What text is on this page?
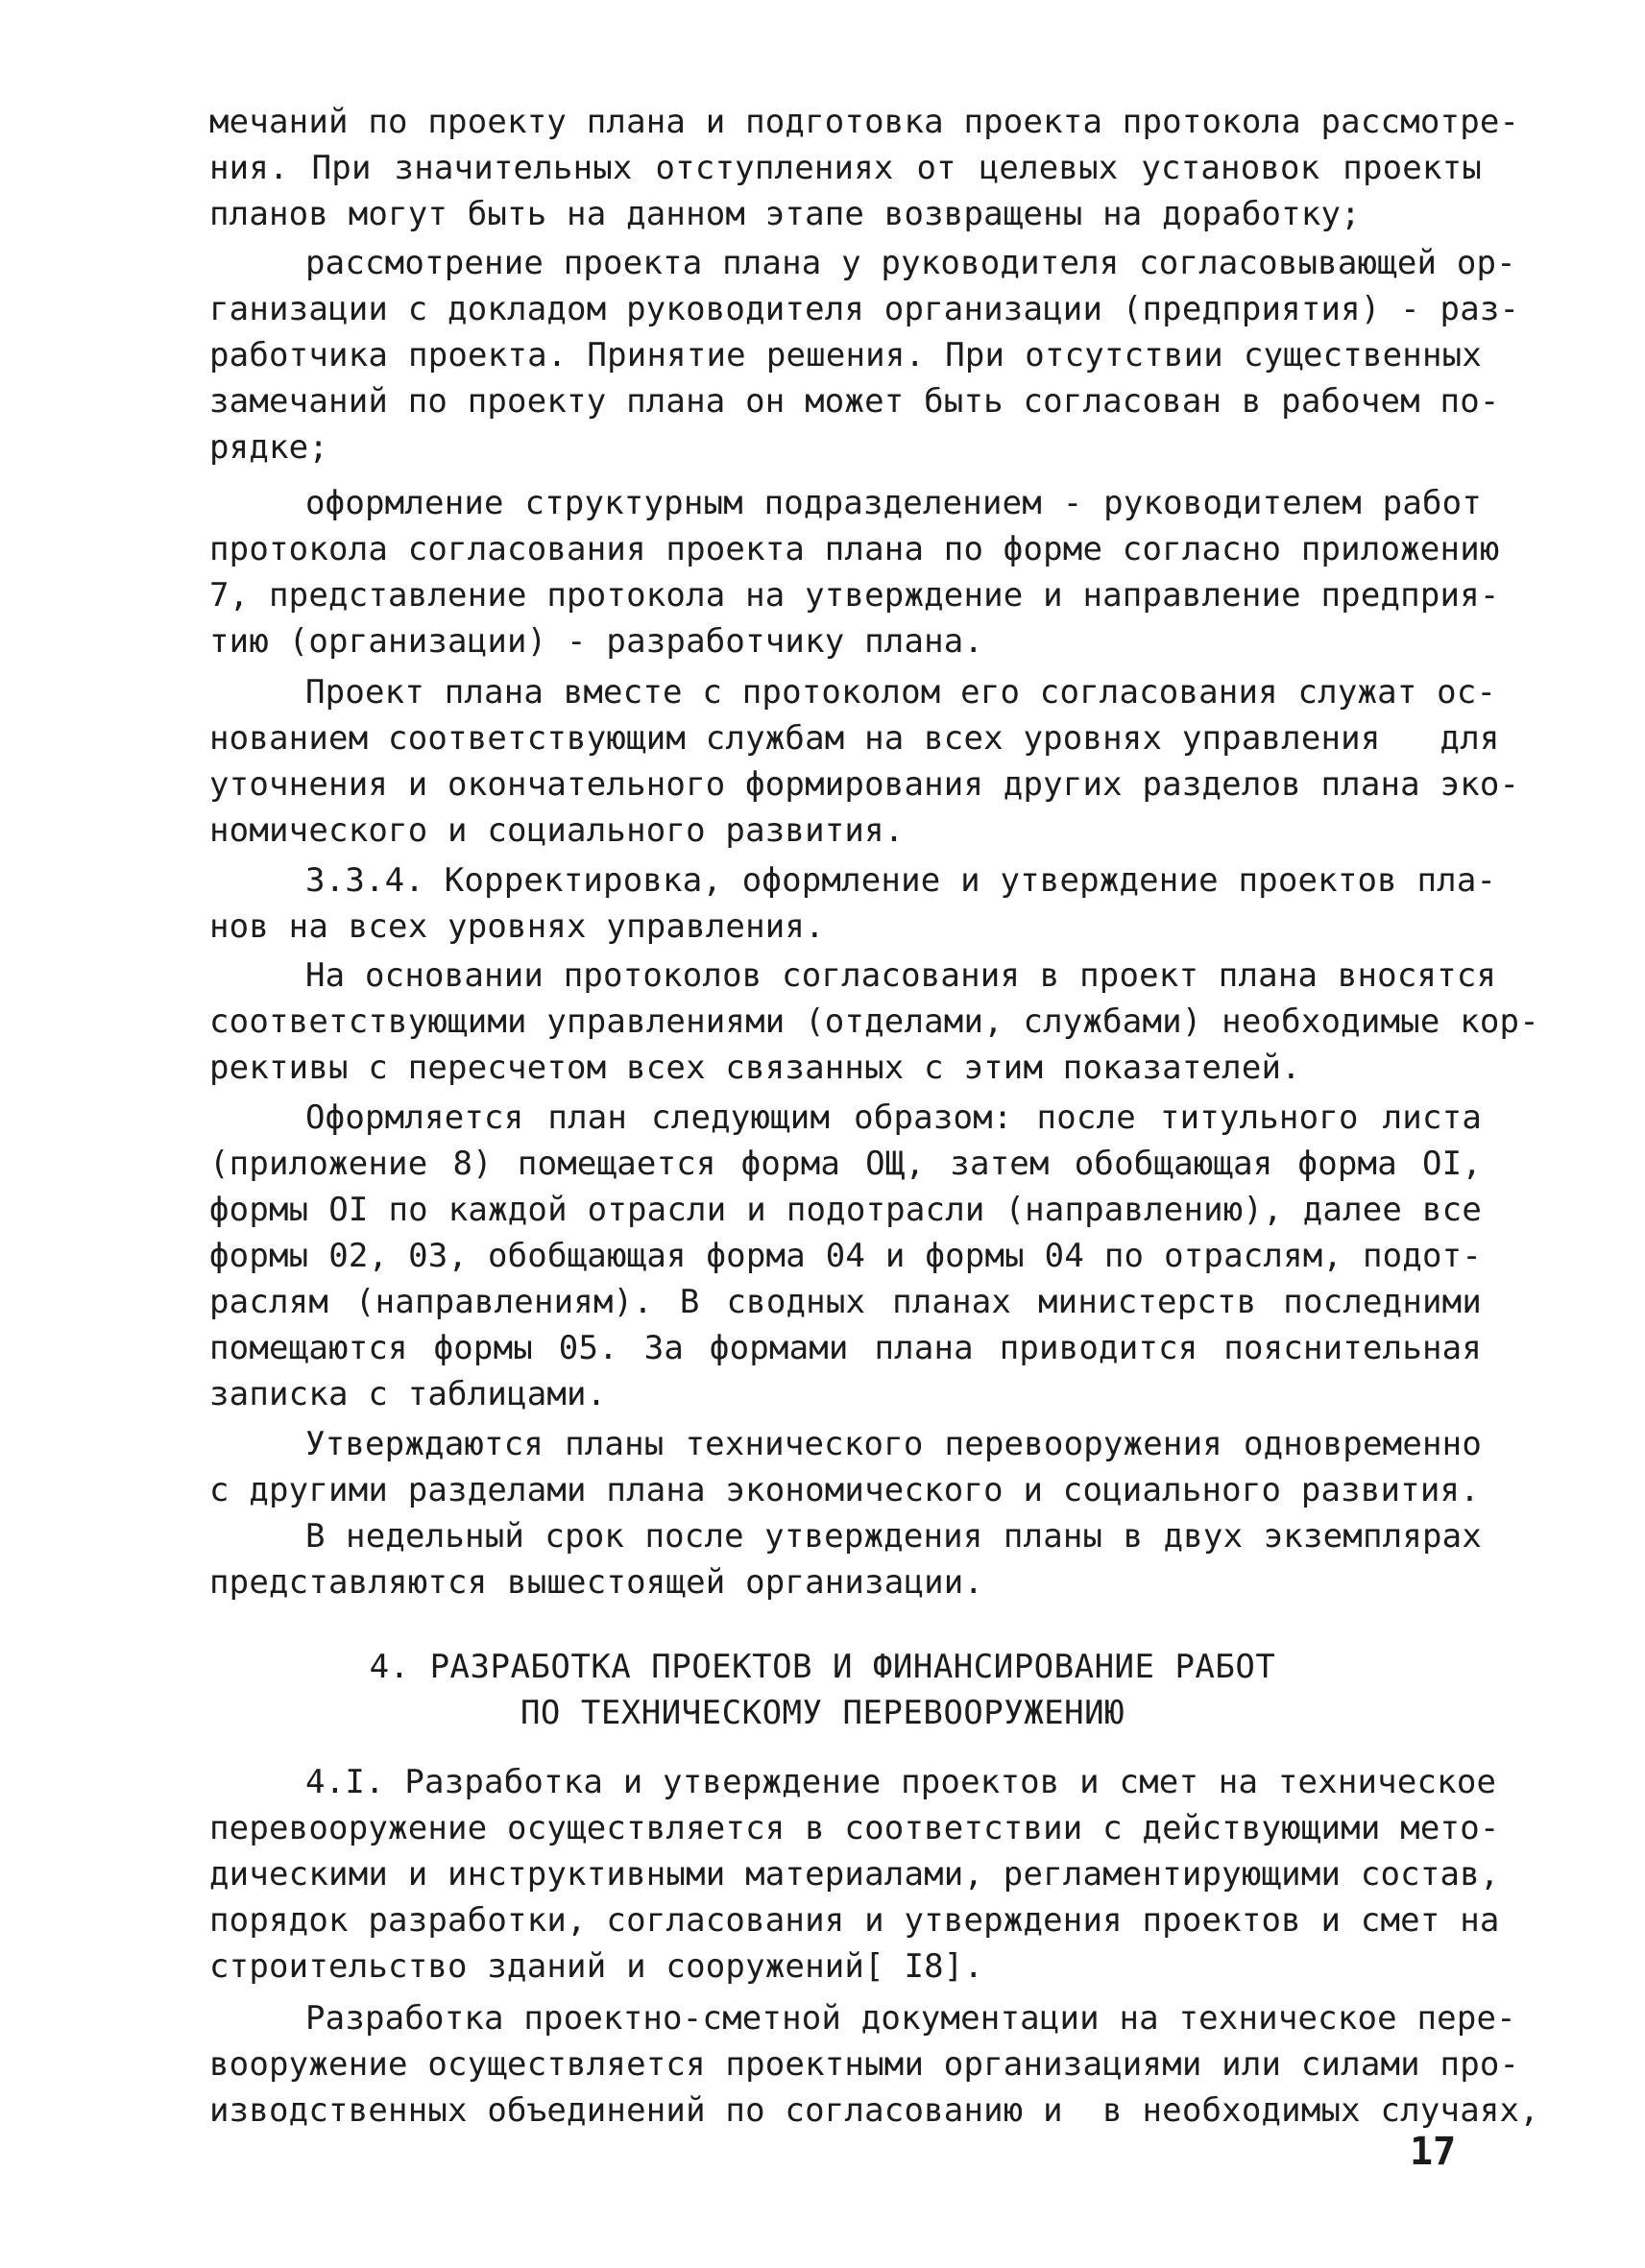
мечаний по проекту плана и подготовка проекта протокола рассмотре-
ния. При значительных отступлениях от целевых установок проекты
планов могут быть на данном этапе возвращены на доработку;
рассмотрение проекта плана у руководителя согласовывающей ор-
ганизации с докладом руководителя организации (предприятия) - раз-
работчика проекта. Принятие решения. При отсутствии существенных
замечаний по проекту плана он может быть согласован в рабочем по-
рядке;
оформление структурным подразделением - руководителем работ
протокола согласования проекта плана по форме согласно приложению
7, представление протокола на утверждение и направление предприя-
тию (организации) - разработчику плана.
Проект плана вместе с протоколом его согласования служат ос-
нованием соответствующим службам на всех уровнях управления   для
уточнения и окончательного формирования других разделов плана эко-
номического и социального развития.
3.3.4. Корректировка, оформление и утверждение проектов пла-
нов на всех уровнях управления.
На основании протоколов согласования в проект плана вносятся
соответствующими управлениями (отделами, службами) необходимые кор-
рективы с пересчетом всех связанных с этим показателей.
Оформляется план следующим образом: после титульного листа
(приложение 8) помещается форма ОЩ, затем обобщающая форма OI,
формы OI по каждой отрасли и подотрасли (направлению), далее все
формы 02, 03, обобщающая форма 04 и формы 04 по отраслям, подот-
раслям (направлениям). В сводных планах министерств последними
помещаются формы 05. За формами плана приводится пояснительная
записка с таблицами.
Утверждаются планы технического перевооружения одновременно
с другими разделами плана экономического и социального развития.
В недельный срок после утверждения планы в двух экземплярах
представляются вышестоящей организации.
4. РАЗРАБОТКА ПРОЕКТОВ И ФИНАНСИРОВАНИЕ РАБОТ
ПО ТЕХНИЧЕСКОМУ ПЕРЕВООРУЖЕНИЮ
4.I. Разработка и утверждение проектов и смет на техническое
перевооружение осуществляется в соответствии с действующими мето-
дическими и инструктивными материалами, регламентирующими состав,
порядок разработки, согласования и утверждения проектов и смет на
строительство зданий и сооружений[ I8].
Разработка проектно-сметной документации на техническое пере-
вооружение осуществляется проектными организациями или силами про-
изводственных объединений по согласованию и  в необходимых случаях,
17
